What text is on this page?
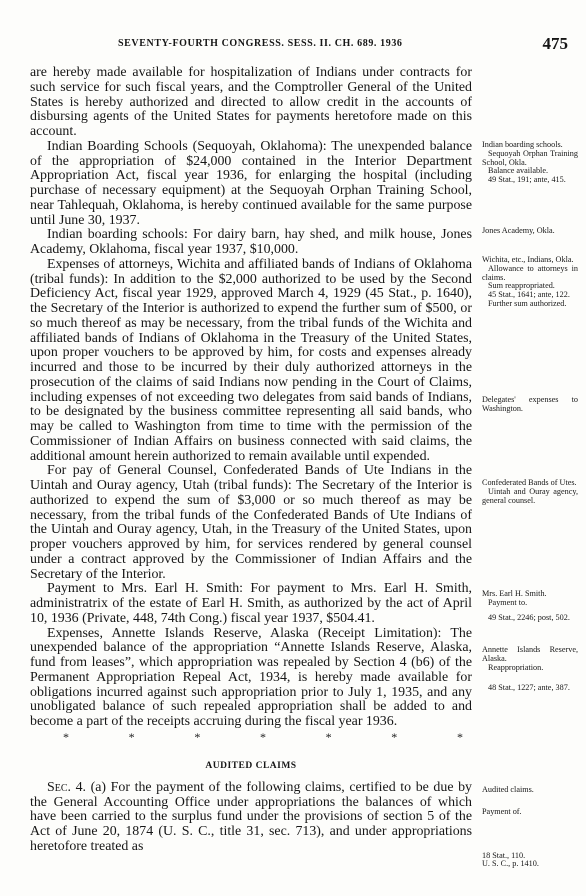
SEVENTY-FOURTH CONGRESS. SESS. II. CH. 689. 1936	475

are hereby made available for hospitalization of Indians under contracts for such service for such fiscal years, and the Comptroller General of the United States is hereby authorized and directed to allow credit in the accounts of disbursing agents of the United States for payments heretofore made on this account.

Indian Boarding Schools (Sequoyah, Oklahoma): The unexpended balance of the appropriation of $24,000 contained in the Interior Department Appropriation Act, fiscal year 1936, for enlarging the hospital (including purchase of necessary equipment) at the Sequoyah Orphan Training School, near Tahlequah, Oklahoma, is hereby continued available for the same purpose until June 30, 1937.

Indian boarding schools: For dairy barn, hay shed, and milk house, Jones Academy, Oklahoma, fiscal year 1937, $10,000.

Expenses of attorneys, Wichita and affiliated bands of Indians of Oklahoma (tribal funds): In addition to the $2,000 authorized to be used by the Second Deficiency Act, fiscal year 1929, approved March 4, 1929 (45 Stat., p. 1640), the Secretary of the Interior is authorized to expend the further sum of $500, or so much thereof as may be necessary, from the tribal funds of the Wichita and affiliated bands of Indians of Oklahoma in the Treasury of the United States, upon proper vouchers to be approved by him, for costs and expenses already incurred and those to be incurred by their duly authorized attorneys in the prosecution of the claims of said Indians now pending in the Court of Claims, including expenses of not exceeding two delegates from said bands of Indians, to be designated by the business committee representing all said bands, who may be called to Washington from time to time with the permission of the Commissioner of Indian Affairs on business connected with said claims, the additional amount herein authorized to remain available until expended.

For pay of General Counsel, Confederated Bands of Ute Indians in the Uintah and Ouray agency, Utah (tribal funds): The Secretary of the Interior is authorized to expend the sum of $3,000 or so much thereof as may be necessary, from the tribal funds of the Confederated Bands of Ute Indians of the Uintah and Ouray agency, Utah, in the Treasury of the United States, upon proper vouchers approved by him, for services rendered by general counsel under a contract approved by the Commissioner of Indian Affairs and the Secretary of the Interior.

Payment to Mrs. Earl H. Smith: For payment to Mrs. Earl H. Smith, administratrix of the estate of Earl H. Smith, as authorized by the act of April 10, 1936 (Private, 448, 74th Cong.) fiscal year 1937, $504.41.

Expenses, Annette Islands Reserve, Alaska (Receipt Limitation): The unexpended balance of the appropriation “Annette Islands Reserve, Alaska, fund from leases”, which appropriation was repealed by Section 4 (b6) of the Permanent Appropriation Repeal Act, 1934, is hereby made available for obligations incurred against such appropriation prior to July 1, 1935, and any unobligated balance of such repealed appropriation shall be added to and become a part of the receipts accruing during the fiscal year 1936.

*	*	*	*	*	*	*
AUDITED CLAIMS

Sec. 4. (a) For the payment of the following claims, certified to be due by the General Accounting Office under appropriations the balances of which have been carried to the surplus fund under the provisions of section 5 of the Act of June 20, 1874 (U. S. C., title 31, sec. 713), and under appropriations heretofore treated as

Indian boarding schools.
Sequoyah Orphan Training School, Okla.
Balance available.
49 Stat., 191; ante, 415.
Jones Academy, Okla.
Wichita, etc., Indians, Okla.
Allowance to attorneys in claims.
Sum reappropriated.
45 Stat., 1641; ante, 122.
Further sum authorized.
Delegates' expenses to Washington.
Confederated Bands of Utes.
Uintah and Ouray agency, general counsel.
Mrs. Earl H. Smith.
Payment to.
49 Stat., 2246; post, 502.
Annette Islands Reserve, Alaska.
Reappropriation.
48 Stat., 1227; ante, 387.
Audited claims.
Payment of.
18 Stat., 110.
U. S. C., p. 1410.
